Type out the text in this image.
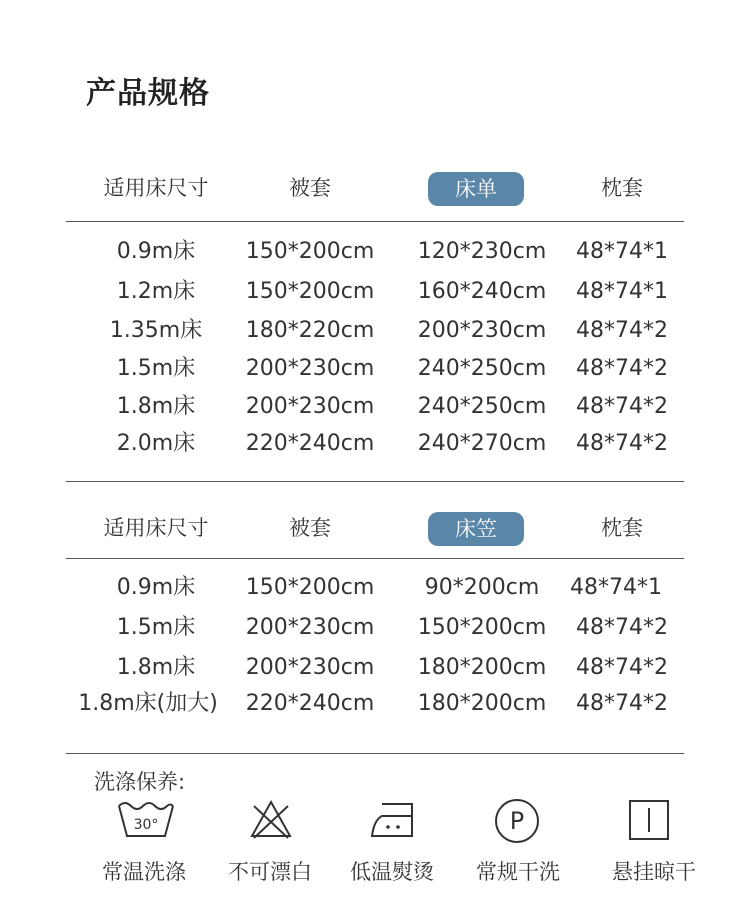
产品规格
适用床尺寸	被套	床单	枕套
0.9m床	150*200cm	120*230cm	48*74*1
1.2m床	150*200cm	160*240cm	48*74*1
1.35m床	180*220cm	200*230cm	48*74*2
1.5m床	200*230cm	240*250cm	48*74*2
1.8m床	200*230cm	240*250cm	48*74*2
2.0m床	220*240cm	240*270cm	48*74*2
适用床尺寸	被套	床笠	枕套
0.9m床	150*200cm	90*200cm	48*74*1
1.5m床	200*230cm	150*200cm	48*74*2
1.8m床	200*230cm	180*200cm	48*74*2
1.8m床(加大)	220*240cm	180*200cm	48*74*2
洗涤保养:
30°	P
常温洗涤	不可漂白	低温熨烫	常规干洗	悬挂晾干
